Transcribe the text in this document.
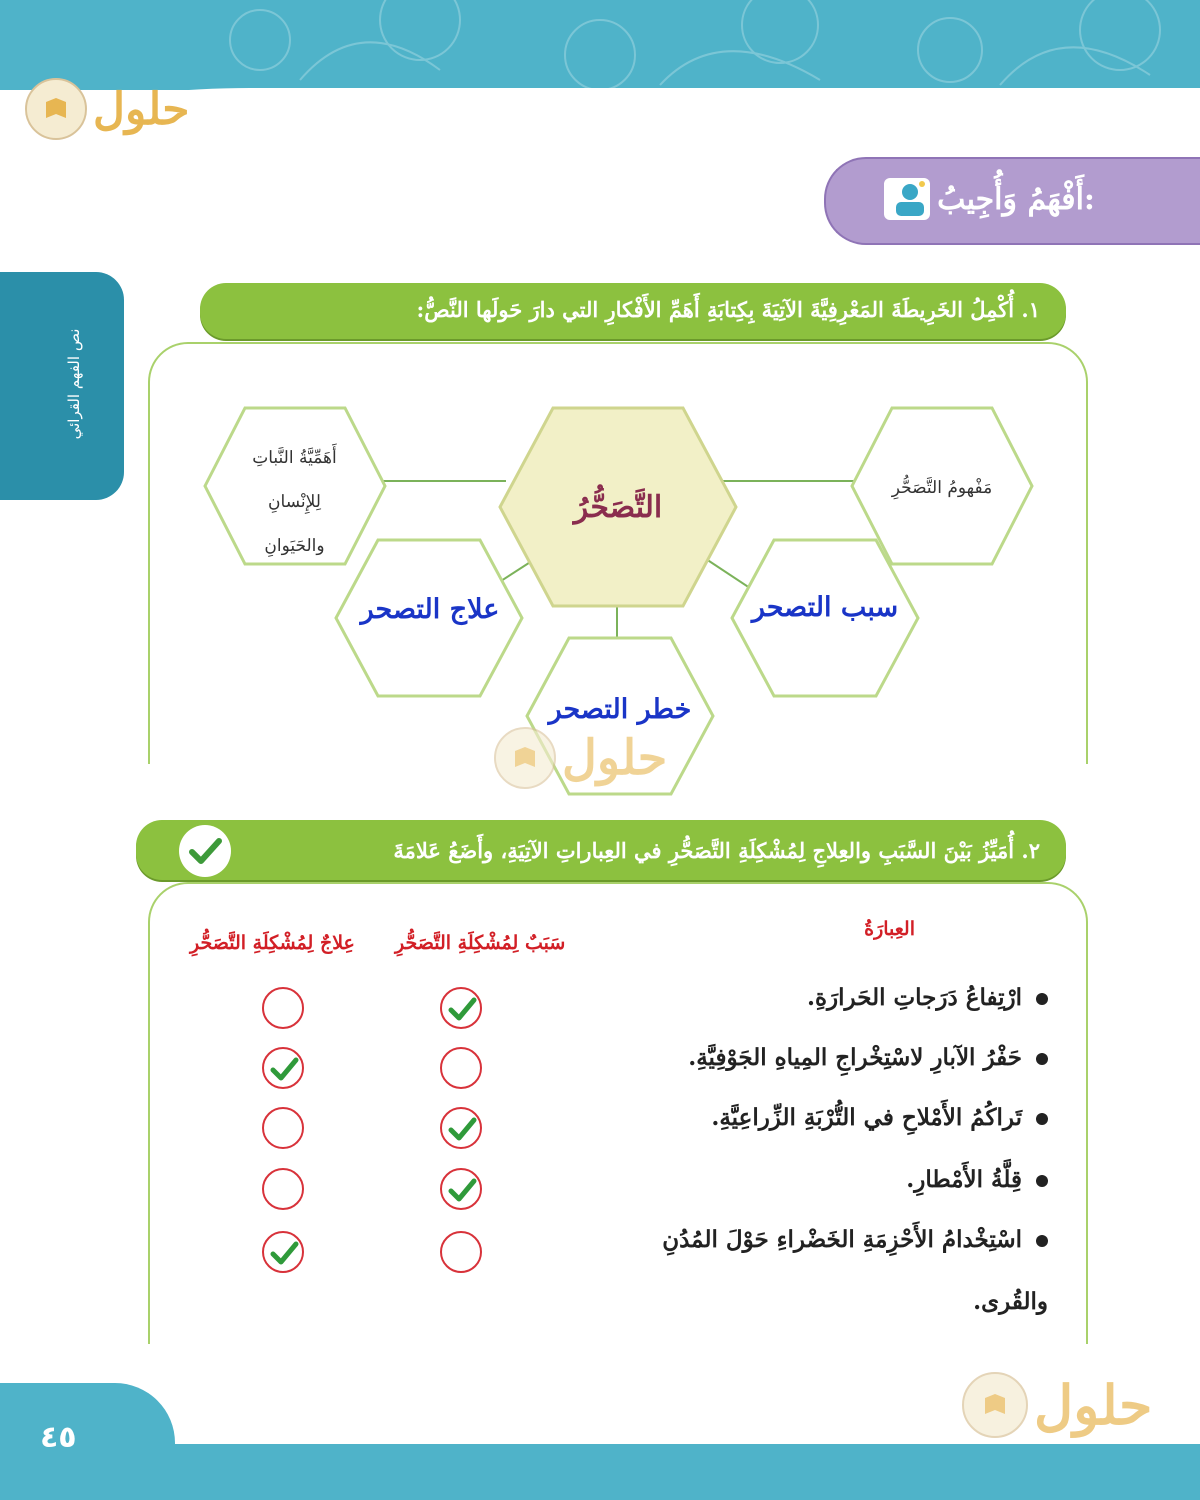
حلول
أَفْهَمُ وَأُجِيبُ:
نص الفهم القرائي
١. أُكْمِلُ الخَرِيطَةَ المَعْرِفِيَّةَ الآتِيَةَ بِكِتابَةِ أَهَمِّ الأَفْكارِ التي دارَ حَولَها النَّصُّ:
التَّصَحُّرُ
مَفْهومُ التَّصَحُّرِ
أَهَمِّيَّةُ النَّباتِ
لِلإِنْسانِ
والحَيَوانِ
علاج التصحر	سبب التصحر
خطر التصحر
حلول
٢. أُمَيِّزُ بَيْنَ السَّبَبِ والعِلاجِ لِمُشْكِلَةِ التَّصَحُّرِ في العِباراتِ الآتِيَةِ، وأَضَعُ عَلامَةَ
العِبارَةُ
سَبَبٌ لِمُشْكِلَةِ التَّصَحُّرِ
عِلاجٌ لِمُشْكِلَةِ التَّصَحُّرِ
ارْتِفاعُ دَرَجاتِ الحَرارَةِ.
حَفْرُ الآبارِ لاسْتِخْراجِ المِياهِ الجَوْفِيَّةِ.
تَراكُمُ الأَمْلاحِ في التُّرْبَةِ الزِّراعِيَّةِ.
قِلَّةُ الأَمْطارِ.
اسْتِخْدامُ الأَحْزِمَةِ الخَضْراءِ حَوْلَ المُدُنِ
والقُرى.
حلول
٤٥
